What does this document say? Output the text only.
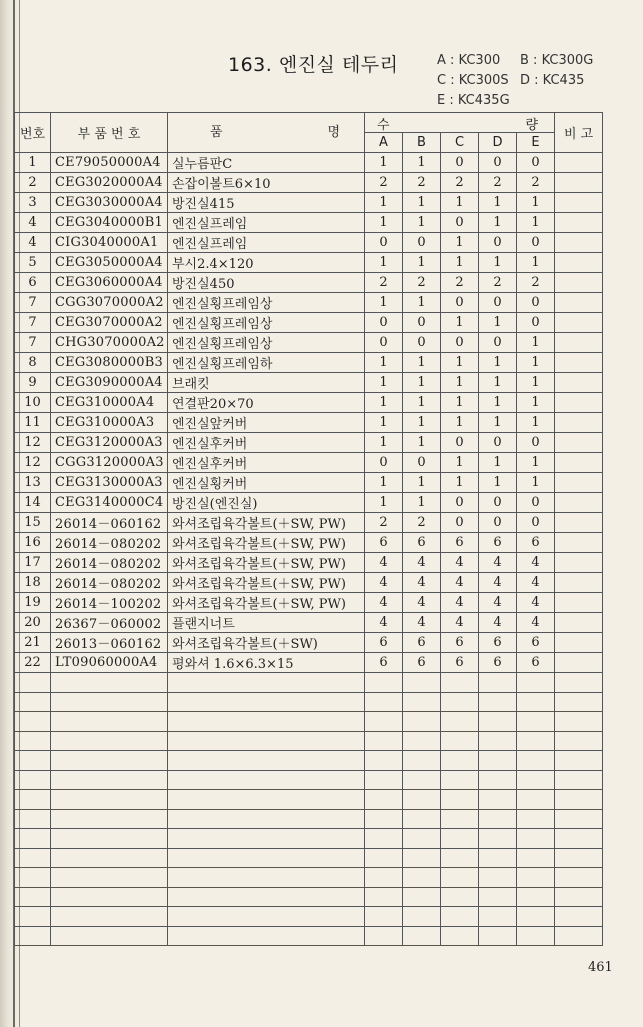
163. 엔진실 테두리	A : KC300 B : KC300G
C : KC300S D : KC435
E : KC435G
번호	부 품 번 호	품 명	수 량					비 고
			A	B	C	D	E	
1	CE79050000A4	실누름판C	1	1	0	0	0	
2	CEG3020000A4	손잡이볼트6×10	2	2	2	2	2	
3	CEG3030000A4	방진실415	1	1	1	1	1	
4	CEG3040000B1	엔진실프레임	1	1	0	1	1	
4	CIG3040000A1	엔진실프레임	0	0	1	0	0	
5	CEG3050000A4	부시2.4×120	1	1	1	1	1	
6	CEG3060000A4	방진실450	2	2	2	2	2	
7	CGG3070000A2	엔진실횡프레임상	1	1	0	0	0	
7	CEG3070000A2	엔진실횡프레임상	0	0	1	1	0	
7	CHG3070000A2	엔진실횡프레임상	0	0	0	0	1	
8	CEG3080000B3	엔진실횡프레임하	1	1	1	1	1	
9	CEG3090000A4	브래킷	1	1	1	1	1	
10	CEG310000A4	연결판20×70	1	1	1	1	1	
11	CEG310000A3	엔진실앞커버	1	1	1	1	1	
12	CEG3120000A3	엔진실후커버	1	1	0	0	0	
12	CGG3120000A3	엔진실후커버	0	0	1	1	1	
13	CEG3130000A3	엔진실횡커버	1	1	1	1	1	
14	CEG3140000C4	방진실(엔진실)	1	1	0	0	0	
15	26014－060162	와셔조립육각볼트(＋SW, PW)	2	2	0	0	0	
16	26014－080202	와셔조립육각볼트(＋SW, PW)	6	6	6	6	6	
17	26014－080202	와셔조립육각볼트(＋SW, PW)	4	4	4	4	4	
18	26014－080202	와셔조립육각볼트(＋SW, PW)	4	4	4	4	4	
19	26014－100202	와셔조립육각볼트(＋SW, PW)	4	4	4	4	4	
20	26367－060002	플랜지너트	4	4	4	4	4	
21	26013－060162	와셔조립육각볼트(＋SW)	6	6	6	6	6	
22	LT09060000A4	평와셔 1.6×6.3×15	6	6	6	6	6	

461
